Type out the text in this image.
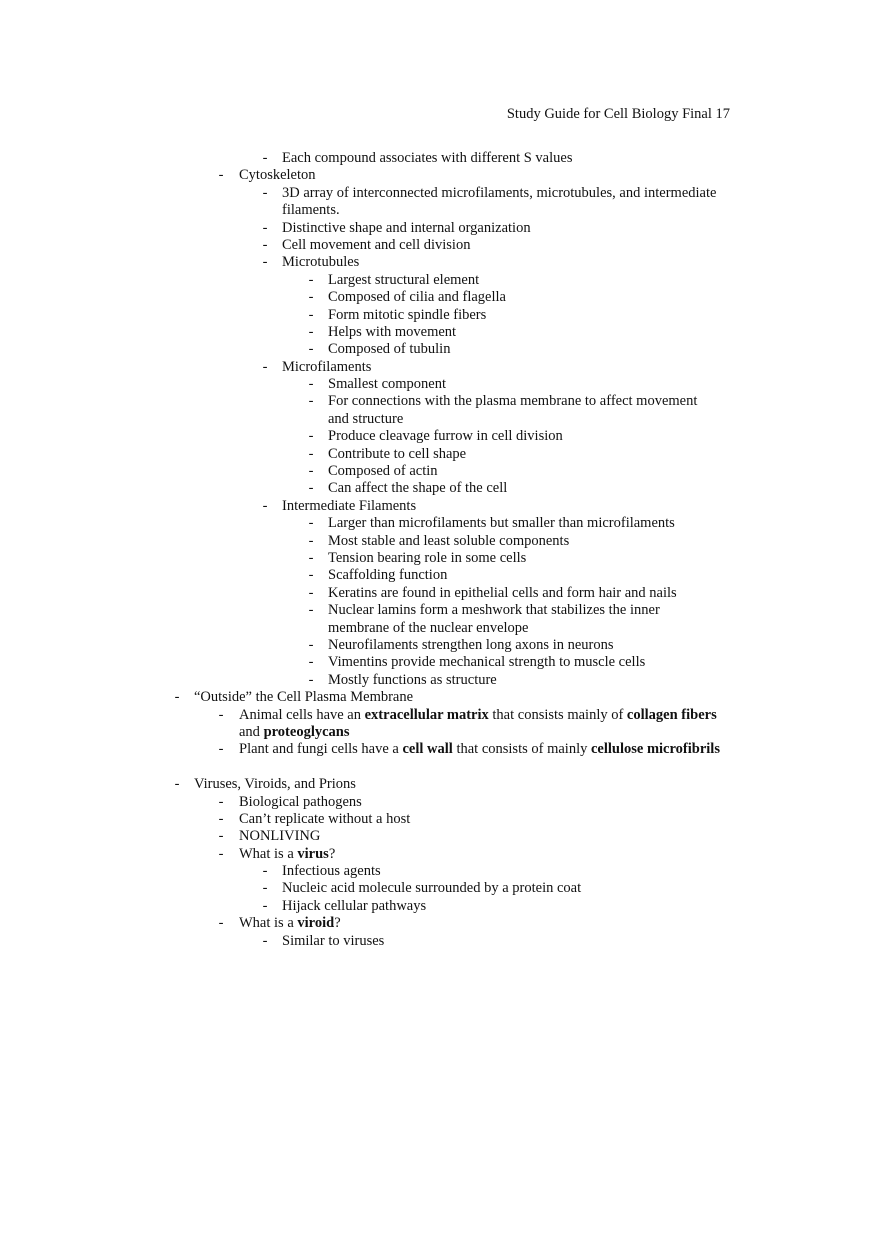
Study Guide for Cell Biology Final 17
- Each compound associates with different S values
- Cytoskeleton
- 3D array of interconnected microfilaments, microtubules, and intermediate filaments.
- Distinctive shape and internal organization
- Cell movement and cell division
- Microtubules
- Largest structural element
- Composed of cilia and flagella
- Form mitotic spindle fibers
- Helps with movement
- Composed of tubulin
- Microfilaments
- Smallest component
- For connections with the plasma membrane to affect movement and structure
- Produce cleavage furrow in cell division
- Contribute to cell shape
- Composed of actin
- Can affect the shape of the cell
- Intermediate Filaments
- Larger than microfilaments but smaller than microfilaments
- Most stable and least soluble components
- Tension bearing role in some cells
- Scaffolding function
- Keratins are found in epithelial cells and form hair and nails
- Nuclear lamins form a meshwork that stabilizes the inner membrane of the nuclear envelope
- Neurofilaments strengthen long axons in neurons
- Vimentins provide mechanical strength to muscle cells
- Mostly functions as structure
- “Outside” the Cell Plasma Membrane
- Animal cells have an extracellular matrix that consists mainly of collagen fibers and proteoglycans
- Plant and fungi cells have a cell wall that consists of mainly cellulose microfibrils
- Viruses, Viroids, and Prions
- Biological pathogens
- Can’t replicate without a host
- NONLIVING
- What is a virus?
- Infectious agents
- Nucleic acid molecule surrounded by a protein coat
- Hijack cellular pathways
- What is a viroid?
- Similar to viruses
